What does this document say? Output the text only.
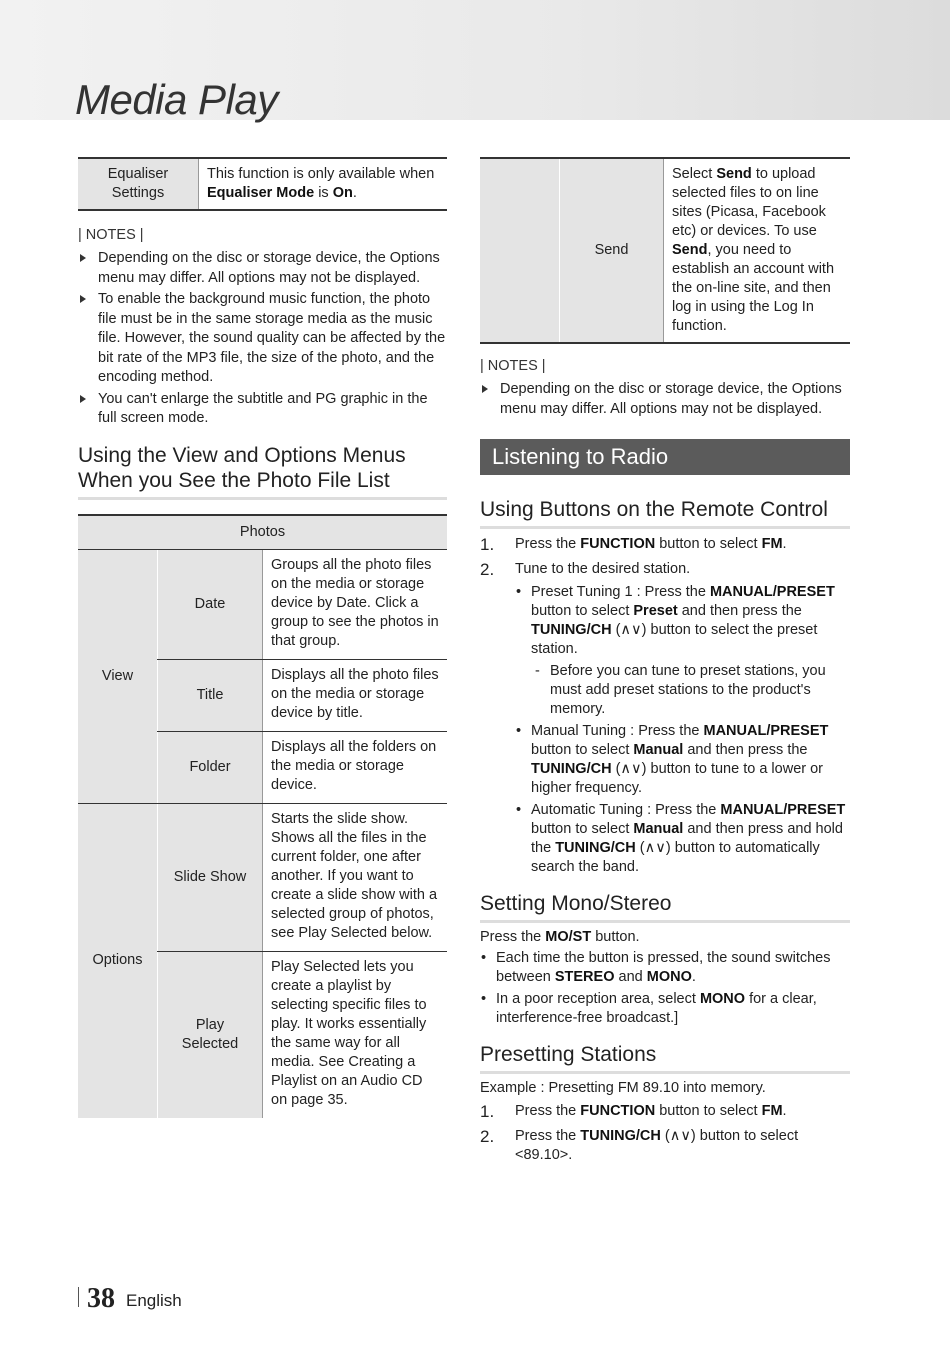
Media Play
Equaliser
Settings	This function is only available when Equaliser Mode is On.
| NOTES |
Depending on the disc or storage device, the Options menu may differ. All options may not be displayed.
To enable the background music function, the photo file must be in the same storage media as the music file. However, the sound quality can be affected by the bit rate of the MP3 file, the size of the photo, and the encoding method.
You can't enlarge the subtitle and PG graphic in the full screen mode.
Using the View and Options Menus
When you See the Photo File List
Photos		
View	Date	Groups all the photo files on the media or storage device by Date. Click a group to see the photos in that group.
	Title	Displays all the photo files on the media or storage device by title.
	Folder	Displays all the folders on the media or storage device.
Options	Slide Show	Starts the slide show. Shows all the files in the current folder, one after another. If you want to create a slide show with a selected group of photos, see Play Selected below.
	Play
Selected	Play Selected lets you create a playlist by selecting specific files to play. It works essentially the same way for all media. See Creating a Playlist on an Audio CD on page 35.
	Send	Select Send to upload selected files to on line sites (Picasa, Facebook etc) or devices. To use Send, you need to establish an account with the on-line site, and then log in using the Log In function.
| NOTES |
Depending on the disc or storage device, the Options menu may differ. All options may not be displayed.
Listening to Radio
Using Buttons on the Remote Control
1. Press the FUNCTION button to select FM.
2. Tune to the desired station.
• Preset Tuning 1 : Press the MANUAL/PRESET button to select Preset and then press the TUNING/CH (∧∨) button to select the preset station.
- Before you can tune to preset stations, you must add preset stations to the product's memory.
• Manual Tuning : Press the MANUAL/PRESET button to select Manual and then press the TUNING/CH (∧∨) button to tune to a lower or higher frequency.
• Automatic Tuning : Press the MANUAL/PRESET button to select Manual and then press and hold the TUNING/CH (∧∨) button to automatically search the band.
Setting Mono/Stereo
Press the MO/ST button.
• Each time the button is pressed, the sound switches between STEREO and MONO.
• In a poor reception area, select MONO for a clear, interference-free broadcast.]
Presetting Stations
Example : Presetting FM 89.10 into memory.
1. Press the FUNCTION button to select FM.
2. Press the TUNING/CH (∧∨) button to select <89.10>.
38 English
